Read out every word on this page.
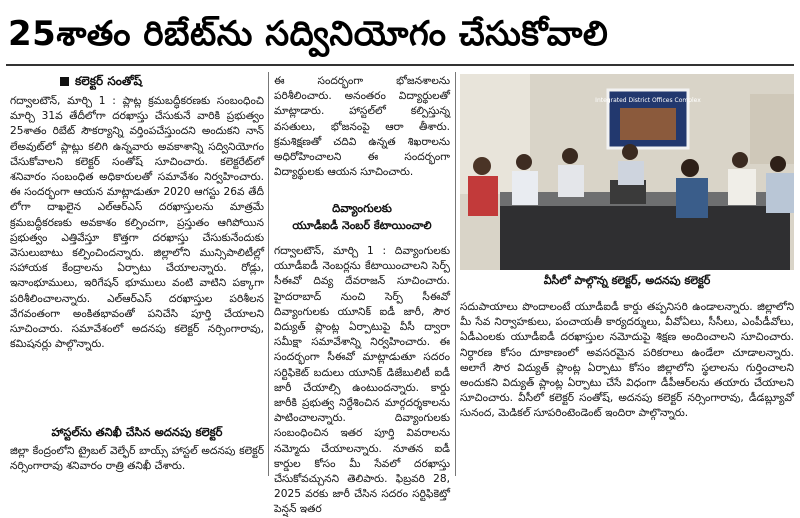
25శాతం రిబేట్‌ను సద్వినియోగం చేసుకోవాలి
కలెక్టర్ సంతోష్

గద్వాలటౌన్, మార్చి 1 : ప్లాట్ల క్రమబద్ధీకరణకు సంబంధించి మార్చి 31వ తేదీలోగా దరఖాస్తు చేసుకునే వారికి ప్రభుత్వం 25శాతం రిబేట్ సౌకర్యాన్ని వర్తింపచేస్తుందని అందుకని నాన్ లేఅవుట్‌లో ప్లాట్లు కలిగి ఉన్నవారు అవకాశాన్ని సద్వినియోగం చేసుకోవాలని కలెక్టర్ సంతోష్ సూచించారు. కలెక్టరేట్‌లో శనివారం సంబంధిత అధికారులతో సమావేశం నిర్వహించారు. ఈ సందర్భంగా ఆయన మాట్లాడుతూ 2020 ఆగస్టు 26వ తేదీ లోగా దాఖలైన ఎల్ఆర్ఎస్ దరఖాస్తులను మాత్రమే క్రమబద్ధీకరణకు అవకాశం కల్పించగా, ప్రస్తుతం ఆగిపోయిన ప్రభుత్వం ఎత్తివేస్తూ కొత్తగా దరఖాస్తు చేసుకునేందుకు వెసులుబాటు కల్పించిందన్నారు. జిల్లాలోని మున్సిపాలిటీల్లో సహాయక కేంద్రాలను ఏర్పాటు చేయాలన్నారు. రోడ్లు, ఇనాంభూములు, ఇరిగేషన్ భూములు వంటి వాటిని పక్కాగా పరిశీలించాలన్నారు. ఎల్ఆర్ఎస్ దరఖాస్తుల పరిశీలన వేగవంతంగా అంకితభావంతో పనిచేసి పూర్తి చేయాలని సూచించారు. సమావేశంలో అదనపు కలెక్టర్ నర్సింగారావు, కమిషనర్లు పాల్గొన్నారు.

హాస్టల్‌ను తనిఖీ చేసిన అదనపు కలెక్టర్

జిల్లా కేంద్రంలోని ట్రైబల్ వెల్ఫేర్ బాయ్స్ హాస్టల్ అదనపు కలెక్టర్ నర్సింగారావు శనివారం రాత్రి తనిఖీ చేశారు.

ఈ సందర్భంగా భోజనశాలను పరిశీలించారు. అనంతరం విద్యార్థులతో మాట్లాడారు. హాస్టల్‌లో కల్పిస్తున్న వసతులు, భోజనంపై ఆరా తీశారు. క్రమశిక్షణతో చదివి ఉన్నత శిఖరాలను అధిరోహించాలని ఈ సందర్భంగా విద్యార్థులకు ఆయన సూచించారు.

దివ్యాంగులకు
యూడీఐడీ నెంబర్ కేటాయించాలి

గద్వాలటౌన్, మార్చి 1 : దివ్యాంగులకు యూడీఐడీ నెంబర్లను కేటాయించాలని సెర్ప్ సీఈవో దివ్య దేవరాజన్ సూచించారు. హైదరాబాద్ నుంచి సెర్ప్ సీఈవో దివ్యాంగులకు యూనిక్ ఐడీ జారీ, సౌర విద్యుత్ ప్లాంట్ల ఏర్పాటుపై వీసీ ద్వారా సమీక్షా సమావేశాన్ని నిర్వహించారు. ఈ సందర్భంగా సీఈవో మాట్లాడుతూ సదరం సర్టిఫికెట్ బదులు యూనిక్ డిజేబులిటీ ఐడీ జారీ చేయాల్సి ఉంటుందన్నారు. కార్డు జారీకి ప్రభుత్వ నిర్దేశించిన మార్గదర్శకాలను పాటించాలన్నారు. దివ్యాంగులకు సంబంధించిన ఇతర పూర్తి వివరాలను నమ్మోదు చేయాలన్నారు. నూతన ఐడీ కార్డుల కోసం మీ సేవలో దరఖాస్తు చేసుకోవచ్చునని తెలిపారు. ఫిబ్రవరి 28, 2025 వరకు జారీ చేసిన సదరం సర్టిఫికెట్తో పెన్షన్ ఇతర

Integrated District Offices Complex
వీసీలో పాల్గొన్న కలెక్టర్, అదనపు కలెక్టర్

సదుపాయాలు పొందాలంటే యూడీఐడీ కార్డు తప్పనిసరి ఉండాలన్నారు. జిల్లాలోని మీ సేవ నిర్వాహకులు, పంచాయతీ కార్యదర్శులు, వీవోఏలు, సీసీలు, ఎంపీడీవోలు, ఏడీఎంలకు యూడీఐడీ దరఖాస్తుల నమోదుపై శిక్షణ అందించాలని సూచించారు. నిర్ధారణ కోసం దూకాణంలో అవసరమైన పరికరాలు ఉండేలా చూడాలన్నారు. అలాగే సౌర విద్యుత్ ప్లాంట్ల ఏర్పాటు కోసం జిల్లాలోని స్థలాలను గుర్తించాలని అందుకని విద్యుత్ ప్లాంట్ల ఏర్పాటు చేసే విధంగా డీపీఆర్‌లను తయారు చేయాలని సూచించారు. వీసీలో కలెక్టర్ సంతోష్, అదనపు కలెక్టర్ నర్సింగారావు, డీడబ్ల్యూవో సునంద, మెడికల్ సూపరింటెండెంట్ ఇందిరా పాల్గొన్నారు.
